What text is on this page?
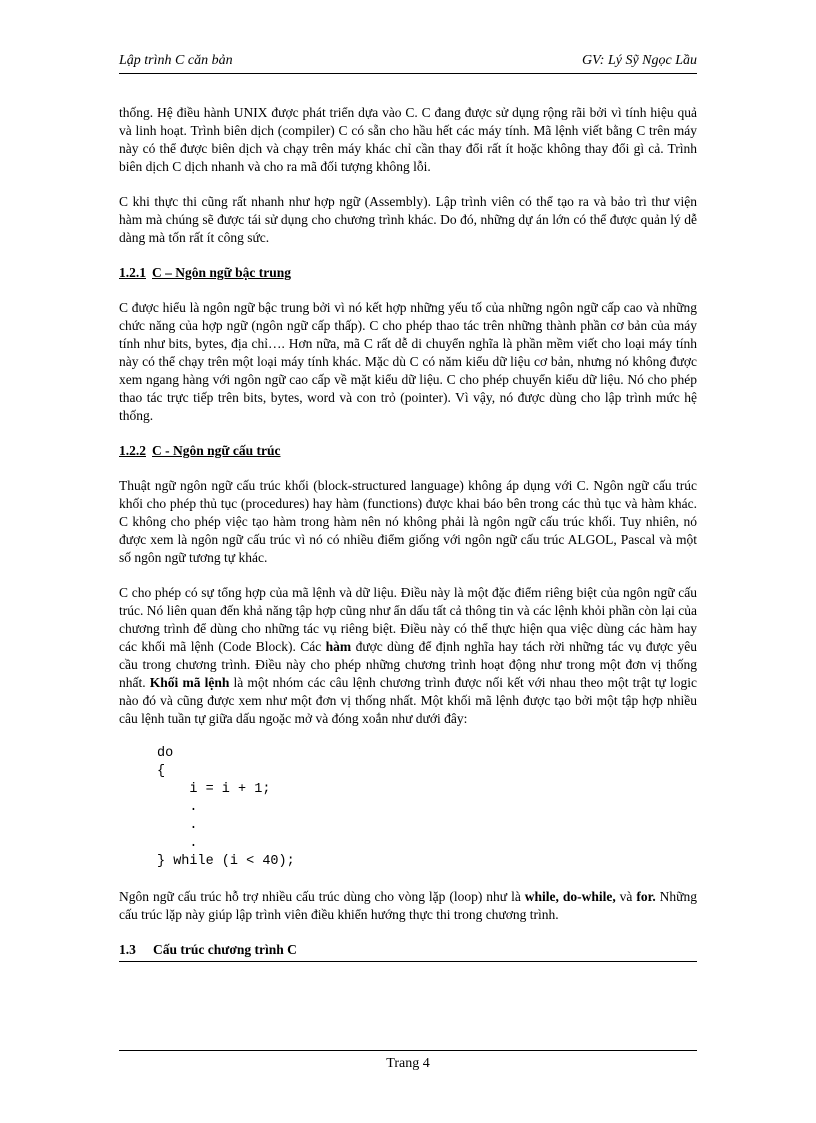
Lập trình C căn bản	GV: Lý Sỹ Ngọc Lầu

thống. Hệ điều hành UNIX được phát triển dựa vào C. C đang được sử dụng rộng rãi bởi vì tính hiệu quả và linh hoạt. Trình biên dịch (compiler) C có sẵn cho hầu hết các máy tính. Mã lệnh viết bằng C trên máy này có thể được biên dịch và chạy trên máy khác chỉ cần thay đổi rất ít hoặc không thay đổi gì cả. Trình biên dịch C dịch nhanh và cho ra mã đối tượng không lỗi.

C khi thực thi cũng rất nhanh như hợp ngữ (Assembly). Lập trình viên có thể tạo ra và bảo trì thư viện hàm mà chúng sẽ được tái sử dụng cho chương trình khác. Do đó, những dự án lớn có thể được quản lý dễ dàng mà tốn rất ít công sức.

1.2.1 C – Ngôn ngữ bậc trung

C được hiểu là ngôn ngữ bậc trung bởi vì nó kết hợp những yếu tố của những ngôn ngữ cấp cao và những chức năng của hợp ngữ (ngôn ngữ cấp thấp). C cho phép thao tác trên những thành phần cơ bản của máy tính như bits, bytes, địa chỉ…. Hơn nữa, mã C rất dễ di chuyển nghĩa là phần mềm viết cho loại máy tính này có thể chạy trên một loại máy tính khác. Mặc dù C có năm kiểu dữ liệu cơ bản, nhưng nó không được xem ngang hàng với ngôn ngữ cao cấp về mặt kiểu dữ liệu. C cho phép chuyển kiểu dữ liệu. Nó cho phép thao tác trực tiếp trên bits, bytes, word và con trỏ (pointer). Vì vậy, nó được dùng cho lập trình mức hệ thống.

1.2.2 C - Ngôn ngữ cấu trúc

Thuật ngữ ngôn ngữ cấu trúc khối (block-structured language) không áp dụng với C. Ngôn ngữ cấu trúc khối cho phép thủ tục (procedures) hay hàm (functions) được khai báo bên trong các thủ tục và hàm khác. C không cho phép việc tạo hàm trong hàm nên nó không phải là ngôn ngữ cấu trúc khối. Tuy nhiên, nó được xem là ngôn ngữ cấu trúc vì nó có nhiều điểm giống với ngôn ngữ cấu trúc ALGOL, Pascal và một số ngôn ngữ tương tự khác.

C cho phép có sự tổng hợp của mã lệnh và dữ liệu. Điều này là một đặc điểm riêng biệt của ngôn ngữ cấu trúc. Nó liên quan đến khả năng tập hợp cũng như ẩn dấu tất cả thông tin và các lệnh khỏi phần còn lại của chương trình để dùng cho những tác vụ riêng biệt. Điều này có thể thực hiện qua việc dùng các hàm hay các khối mã lệnh (Code Block). Các hàm được dùng để định nghĩa hay tách rời những tác vụ được yêu cầu trong chương trình. Điều này cho phép những chương trình hoạt động như trong một đơn vị thống nhất. Khối mã lệnh là một nhóm các câu lệnh chương trình được nối kết với nhau theo một trật tự logic nào đó và cũng được xem như một đơn vị thống nhất. Một khối mã lệnh được tạo bởi một tập hợp nhiều câu lệnh tuần tự giữa dấu ngoặc mở và đóng xoắn như dưới đây:

do
{
i = i + 1;
.
.
.
} while (i < 40);

Ngôn ngữ cấu trúc hỗ trợ nhiều cấu trúc dùng cho vòng lặp (loop) như là while, do-while, và for. Những cấu trúc lặp này giúp lập trình viên điều khiển hướng thực thi trong chương trình.

1.3 Cấu trúc chương trình C
Trang 4
